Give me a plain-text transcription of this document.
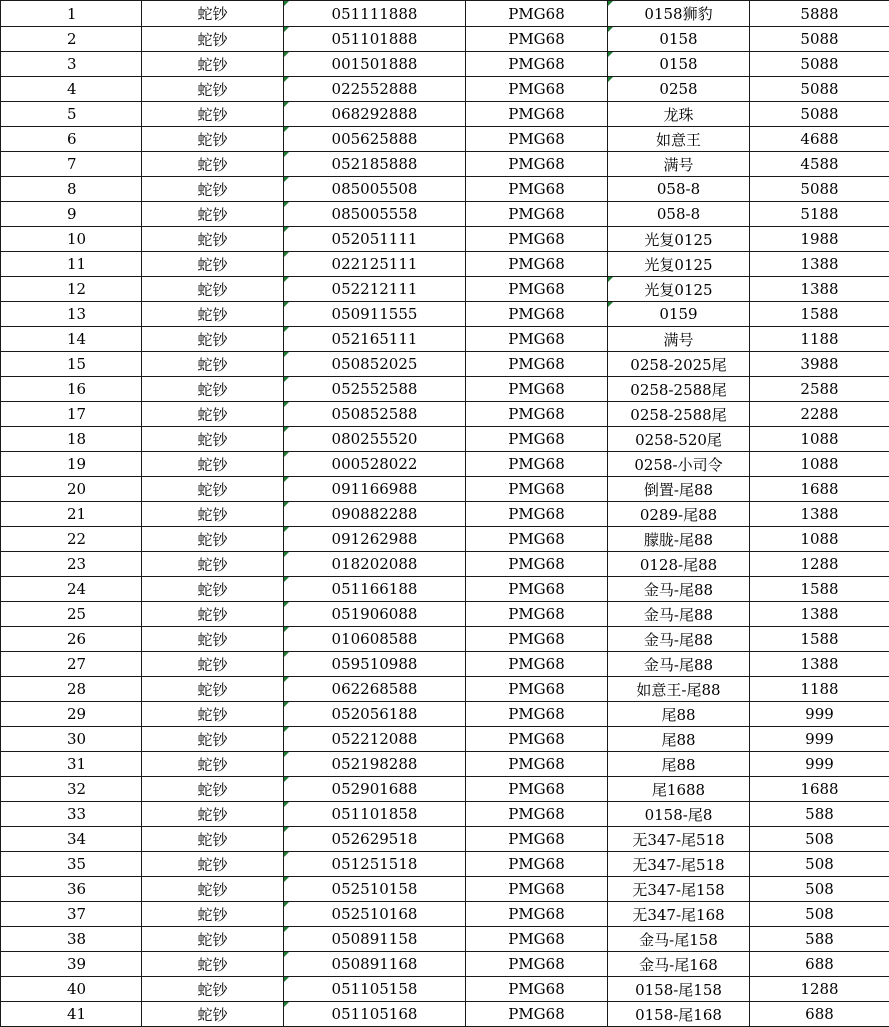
1	蛇钞	051111888	PMG68	0158狮豹	5888
2	蛇钞	051101888	PMG68	0158	5088
3	蛇钞	001501888	PMG68	0158	5088
4	蛇钞	022552888	PMG68	0258	5088
5	蛇钞	068292888	PMG68	龙珠	5088
6	蛇钞	005625888	PMG68	如意王	4688
7	蛇钞	052185888	PMG68	满号	4588
8	蛇钞	085005508	PMG68	058-8	5088
9	蛇钞	085005558	PMG68	058-8	5188
10	蛇钞	052051111	PMG68	光复0125	1988
11	蛇钞	022125111	PMG68	光复0125	1388
12	蛇钞	052212111	PMG68	光复0125	1388
13	蛇钞	050911555	PMG68	0159	1588
14	蛇钞	052165111	PMG68	满号	1188
15	蛇钞	050852025	PMG68	0258-2025尾	3988
16	蛇钞	052552588	PMG68	0258-2588尾	2588
17	蛇钞	050852588	PMG68	0258-2588尾	2288
18	蛇钞	080255520	PMG68	0258-520尾	1088
19	蛇钞	000528022	PMG68	0258-小司令	1088
20	蛇钞	091166988	PMG68	倒置-尾88	1688
21	蛇钞	090882288	PMG68	0289-尾88	1388
22	蛇钞	091262988	PMG68	朦胧-尾88	1088
23	蛇钞	018202088	PMG68	0128-尾88	1288
24	蛇钞	051166188	PMG68	金马-尾88	1588
25	蛇钞	051906088	PMG68	金马-尾88	1388
26	蛇钞	010608588	PMG68	金马-尾88	1588
27	蛇钞	059510988	PMG68	金马-尾88	1388
28	蛇钞	062268588	PMG68	如意王-尾88	1188
29	蛇钞	052056188	PMG68	尾88	999
30	蛇钞	052212088	PMG68	尾88	999
31	蛇钞	052198288	PMG68	尾88	999
32	蛇钞	052901688	PMG68	尾1688	1688
33	蛇钞	051101858	PMG68	0158-尾8	588
34	蛇钞	052629518	PMG68	无347-尾518	508
35	蛇钞	051251518	PMG68	无347-尾518	508
36	蛇钞	052510158	PMG68	无347-尾158	508
37	蛇钞	052510168	PMG68	无347-尾168	508
38	蛇钞	050891158	PMG68	金马-尾158	588
39	蛇钞	050891168	PMG68	金马-尾168	688
40	蛇钞	051105158	PMG68	0158-尾158	1288
41	蛇钞	051105168	PMG68	0158-尾168	688
